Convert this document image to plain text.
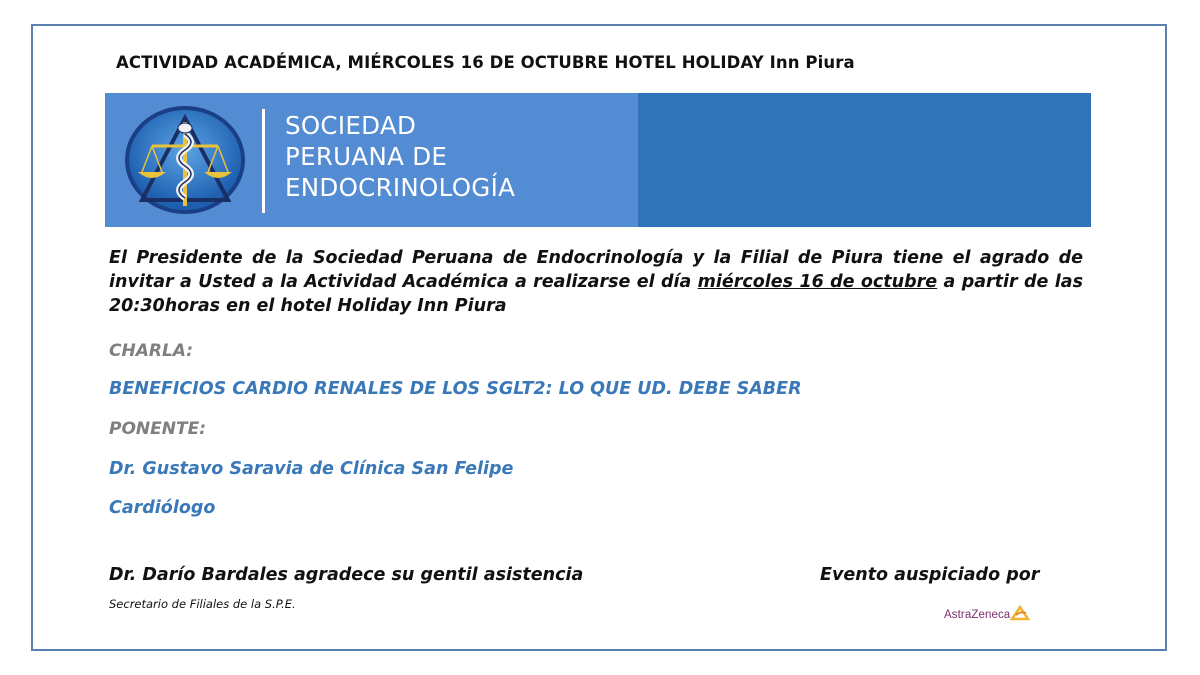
ACTIVIDAD ACADÉMICA, MIÉRCOLES 16 DE OCTUBRE HOTEL HOLIDAY Inn Piura
SOCIEDAD
PERUANA DE
ENDOCRINOLOGÍA
El Presidente de la Sociedad Peruana de Endocrinología y la Filial de Piura tiene el agrado de invitar a Usted a la Actividad Académica a realizarse el día miércoles 16 de octubre a partir de las 20:30horas en el hotel Holiday Inn Piura
CHARLA:
BENEFICIOS CARDIO RENALES DE LOS SGLT2: LO QUE UD. DEBE SABER
PONENTE:
Dr. Gustavo Saravia de Clínica San Felipe
Cardiólogo
Dr. Darío Bardales agradece su gentil asistencia
Secretario de Filiales de la S.P.E.
Evento auspiciado por
AstraZeneca
